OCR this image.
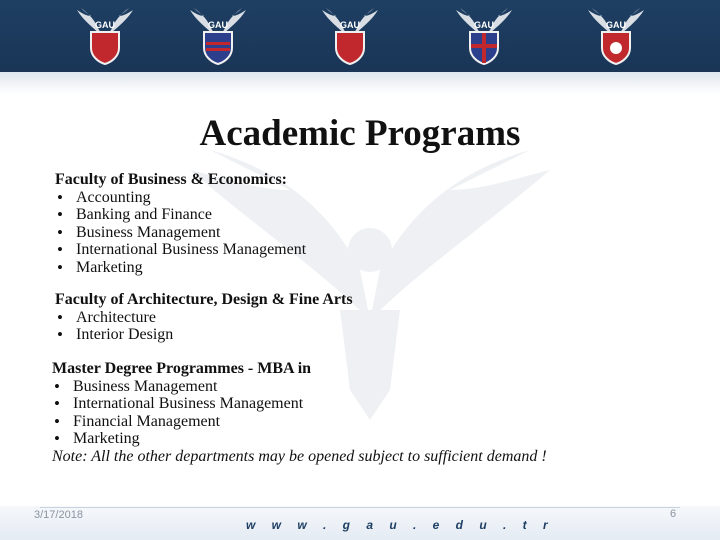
GAU	GAU	GAU	GAU	GAU
Academic Programs
Faculty of Business & Economics:
• Accounting
• Banking and Finance
• Business Management
• International Business Management
• Marketing
Faculty of Architecture, Design & Fine Arts
• Architecture
• Interior Design
Master Degree Programmes - MBA in
• Business Management
• International Business Management
• Financial Management
• Marketing
Note: All the other departments may be opened subject to sufficient demand !
3/17/2018
w w w . g a u . e d u . t r
6
